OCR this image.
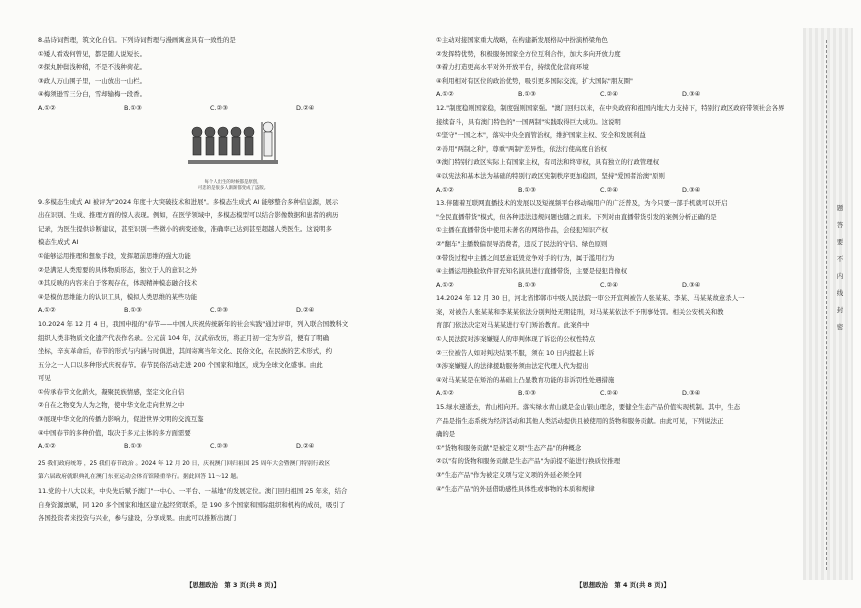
8.品诗词哲理，筑文化自信。下列诗词哲理与漫画寓意具有一致性的是

①矮人看戏何曾见，都是随人说短长。

②探丸肿鬓浅种稍，不是不浅种荷花。

③政人万山围子里，一山放出一山栏。

④梅须逊雪三分白，雪却输梅一段香。

A.①②	B.①③	C.②③	D.②④
每个人出生的时候都是原创，
可悲的是很多人渐渐都变成了盗版。

9.多模态生成式 AI 被评为"2024 年度十大突破技术和进展"。多模态生成式 AI 能够整合多种信息源，展示

出在识别、生成、推理方面的惊人表现。例如，在医学领域中，多模态模型可以结合影像数据和患者的病历

记录，为医生提供诊断建议，甚至识别一些微小的病变迹象，准确率已达到甚至超越人类医生。这说明多

模态生成式 AI

①能够运用推理和想象手段，发挥超前思维的强大功能

②是满足人类需要的具体物质形态，独立于人的意识之外

③其反映的内容来自于客观存在，体现精神模态融合技术

④是模仿思维能力的认识工具，模拟人类思维的某些功能

A.①②	B.①③	C.②③	D.②④

10.2024 年 12 月 4 日，我国申报的"春节——中国人庆祝传统新年的社会实践"通过评审，列入联合国教科文

组织人类非物质文化遗产代表作名录。公元前 104 年，汉武帝改历，将正月初一定为岁首，便有了明确

坐标，辛亥革命后，春节的形式与内涵与时俱进，其间寄寓当年文化、民俗文化，在民族的艺术形式，约

五分之一人口以多种形式庆祝春节。春节民俗活动走进 200 个国家和地区，成为全球文化盛事。由此

可见

①传承春节文化薪火，凝聚民族情感，坚定文化自信

②自在之物变为人为之物，使中华文化走向世界之中

③展现中华文化的传播力影响力，促进世界文明的交流互鉴

④中国春节的多种价值，取决于多元主体的多方面需要

A.①②	B.①③	C.②③	D.②④

25 我们政府统筹 ，25 我们春节政治 。2024 年 12 月 20 日，庆祝澳门回归祖国 25 周年大会暨澳门特别行政区

第六届政府就职典礼在澳门东亚运动会体育馆隆重举行。据此回答 11～12 题。

11.党的十八大以来，中央先后赋予澳门"一中心、一平台、一基地"的发展定位。澳门回归祖国 25 年来，结合

自身资源禀赋，同 120 多个国家和地区建立起经贸联系，是 190 多个国家和国际组织和机构的成员，吸引了

各国投资者来投资与兴业，参与建设，分享成果。由此可以推断出澳门

【思想政治　第 3 页(共 8 页)】

①主动对接国家重大战略，在构建新发展格局中扮演桥梁角色

②发挥特优势，积极服务国家全方位互利合作，加大多向开放力度

③着力打造更高水平对外开放平台，持续优化营商环境

④利用相对有区位的政治优势，吸引更多国际交流，扩大国际"朋友圈"

A.①②	B.①③	C.②④	D.③④

12."制度稳则国家稳，制度强则国家强。"澳门回归以来，在中央政府和祖国内地大力支持下，特别行政区政府带领社会各界

接续奋斗，具有澳门特色的"一国两制"实践取得巨大成功。这说明

①坚守"一国之本"，落实中央全面管治权，维护国家主权、安全和发展利益

②善用"两制之利"，尊重"两制"差异性，依法行使高度自治权

③澳门特别行政区实际上有国家主权，有司法和终审权，具有独立的行政管理权

④以宪法和基本法为基础的特别行政区宪制秩序更加稳固，坚持"爱国者治澳"原则

A.①②	B.①③	C.②④	D.③④

13.伴随着互联网直播技术的发展以及短视频平台移动端用户的广泛普及，为今只要一部手机就可以开启

"全民直播带货"模式，但各种违法违规问题也随之而来。下列对由直播带货引发的案例分析正确的是

①主播在直播带货中使用未著名的网络作品，会侵犯知识产权

②"翻车"主播数偏误导消费者，违反了民法的守信、绿色原则

③带货过程中主播之间恶意诋毁竞争对手的行为，属于滥用行为

④主播运用换脸软件冒充知名演员进行直播带货，主要是侵犯肖像权

A.①②	B.①③	C.②④	D.③④

14.2024 年 12 月 30 日，河北省邯郸市中级人民法院一审公开宣判被告人张某某、李某、马某某故意杀人一

案，对被告人张某某和李某某依法分别判处无期徒刑，对马某某依法不予刑事处罚。相关公安机关和教

育部门依法决定对马某某进行专门矫治教育。此案件中

①人民法院对涉案嫌疑人的审判体现了诉讼的公权性特点

②三位被告人如对判决结果不服，须在 10 日内提起上诉

③涉案嫌疑人的法律援助服务须由法定代理人代为提出

④对马某某是在矫治的基础上凸显教育功能的非诉罚性处遇措施

A.①②	B.①③	C.②④	D.③④

15.绿水速逝去，青山相向开。落实绿水青山就是金山银山理念，要健全生态产品价值实现机制。其中，生态

产品是指生态系统为经济活动和其他人类活动提供且被使用的货物和服务贡献。由此可见，下列说法正

确的是

①"货物和服务贡献"是被定义项"生态产品"的种概念

②以"有的货物和服务贡献是生态产品"为前提不能进行换质位推理

③"生态产品"作为被定义项与定义项的外延必须全同

④"生态产品"的外延借助感性具体性或事物的本质和规律

【思想政治　第 4 页(共 8 页)】
题
答
要
不
内
线
封
密
